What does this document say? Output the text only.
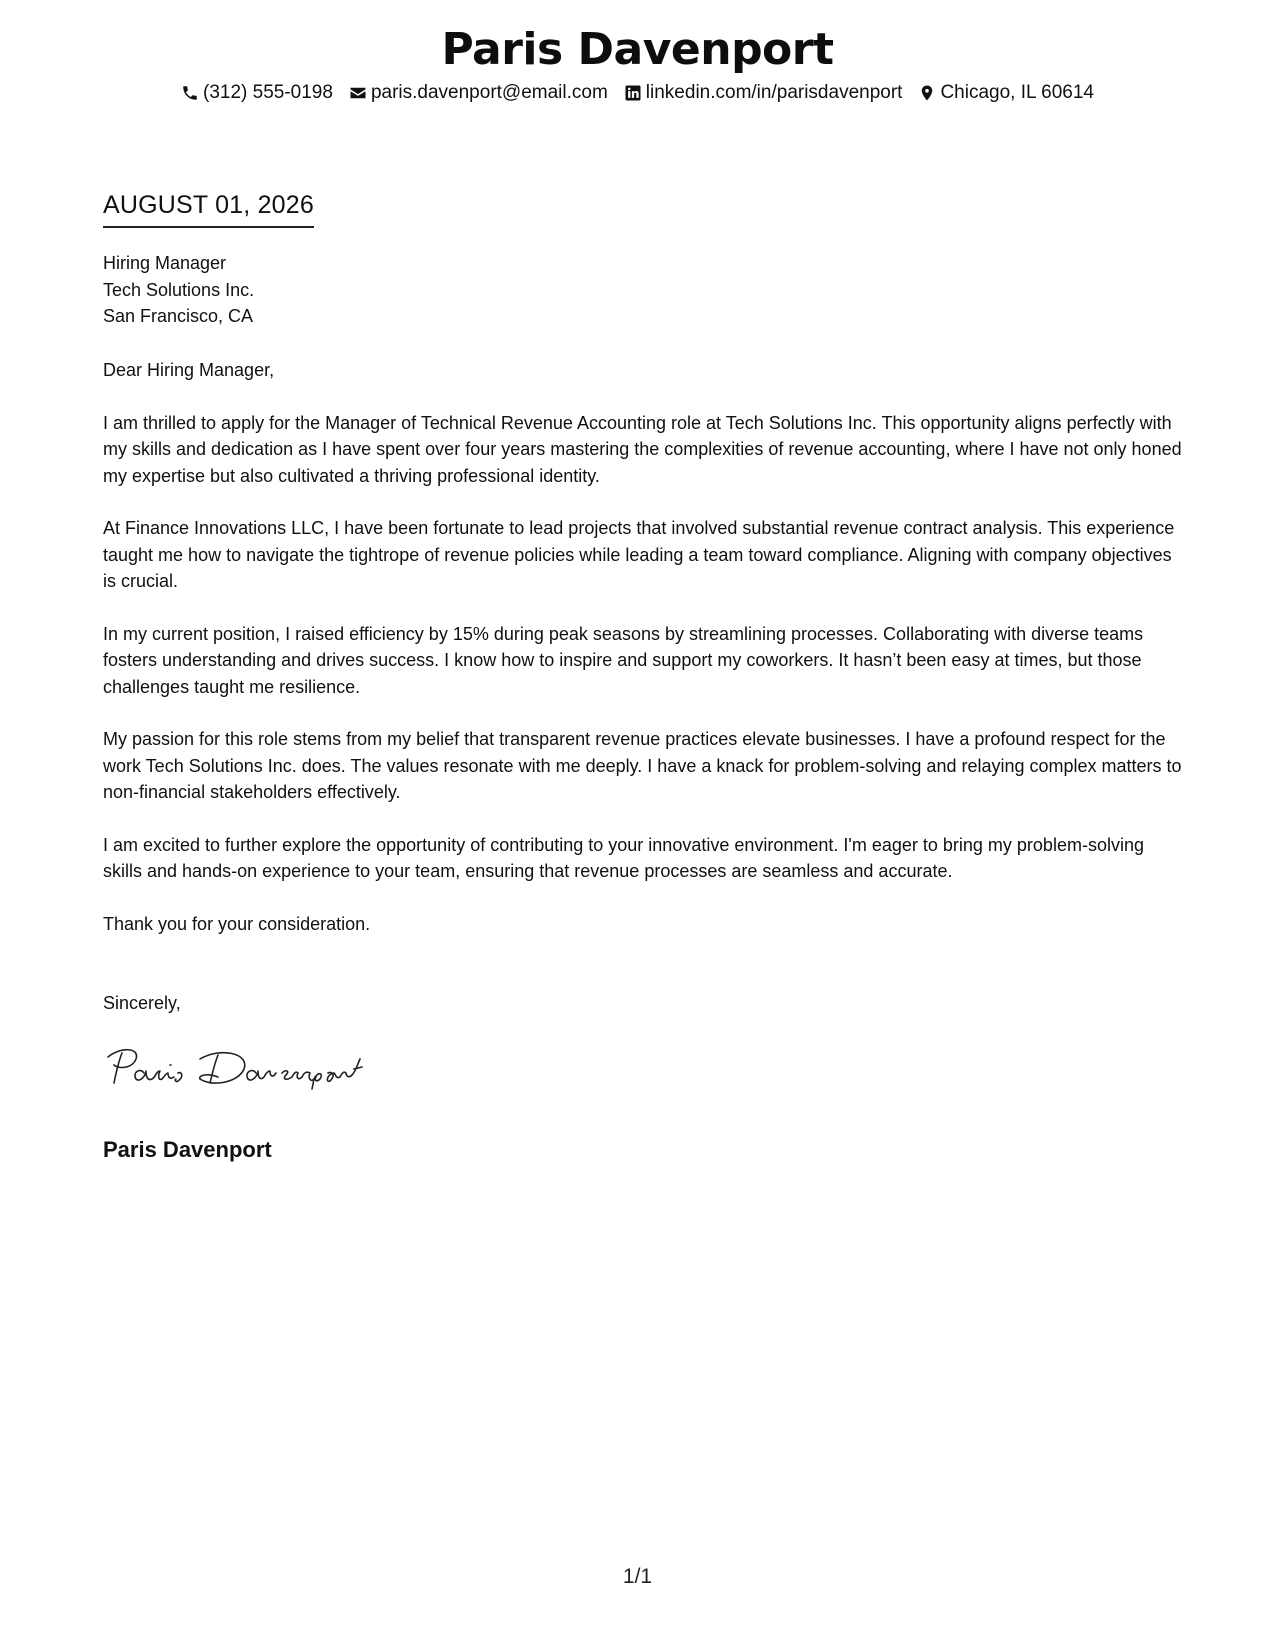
Paris Davenport
(312) 555-0198 paris.davenport@email.com linkedin.com/in/parisdavenport Chicago, IL 60614
AUGUST 01, 2026
Hiring Manager
Tech Solutions Inc.
San Francisco, CA

Dear Hiring Manager,

I am thrilled to apply for the Manager of Technical Revenue Accounting role at Tech Solutions Inc. This opportunity aligns perfectly with my skills and dedication as I have spent over four years mastering the complexities of revenue accounting, where I have not only honed my expertise but also cultivated a thriving professional identity.

At Finance Innovations LLC, I have been fortunate to lead projects that involved substantial revenue contract analysis. This experience taught me how to navigate the tightrope of revenue policies while leading a team toward compliance. Aligning with company objectives is crucial.

In my current position, I raised efficiency by 15% during peak seasons by streamlining processes. Collaborating with diverse teams fosters understanding and drives success. I know how to inspire and support my coworkers. It hasn’t been easy at times, but those challenges taught me resilience.

My passion for this role stems from my belief that transparent revenue practices elevate businesses. I have a profound respect for the work Tech Solutions Inc. does. The values resonate with me deeply. I have a knack for problem-solving and relaying complex matters to non-financial stakeholders effectively.

I am excited to further explore the opportunity of contributing to your innovative environment. I'm eager to bring my problem-solving skills and hands-on experience to your team, ensuring that revenue processes are seamless and accurate.

Thank you for your consideration.

Sincerely,
Paris Davenport
1/1
